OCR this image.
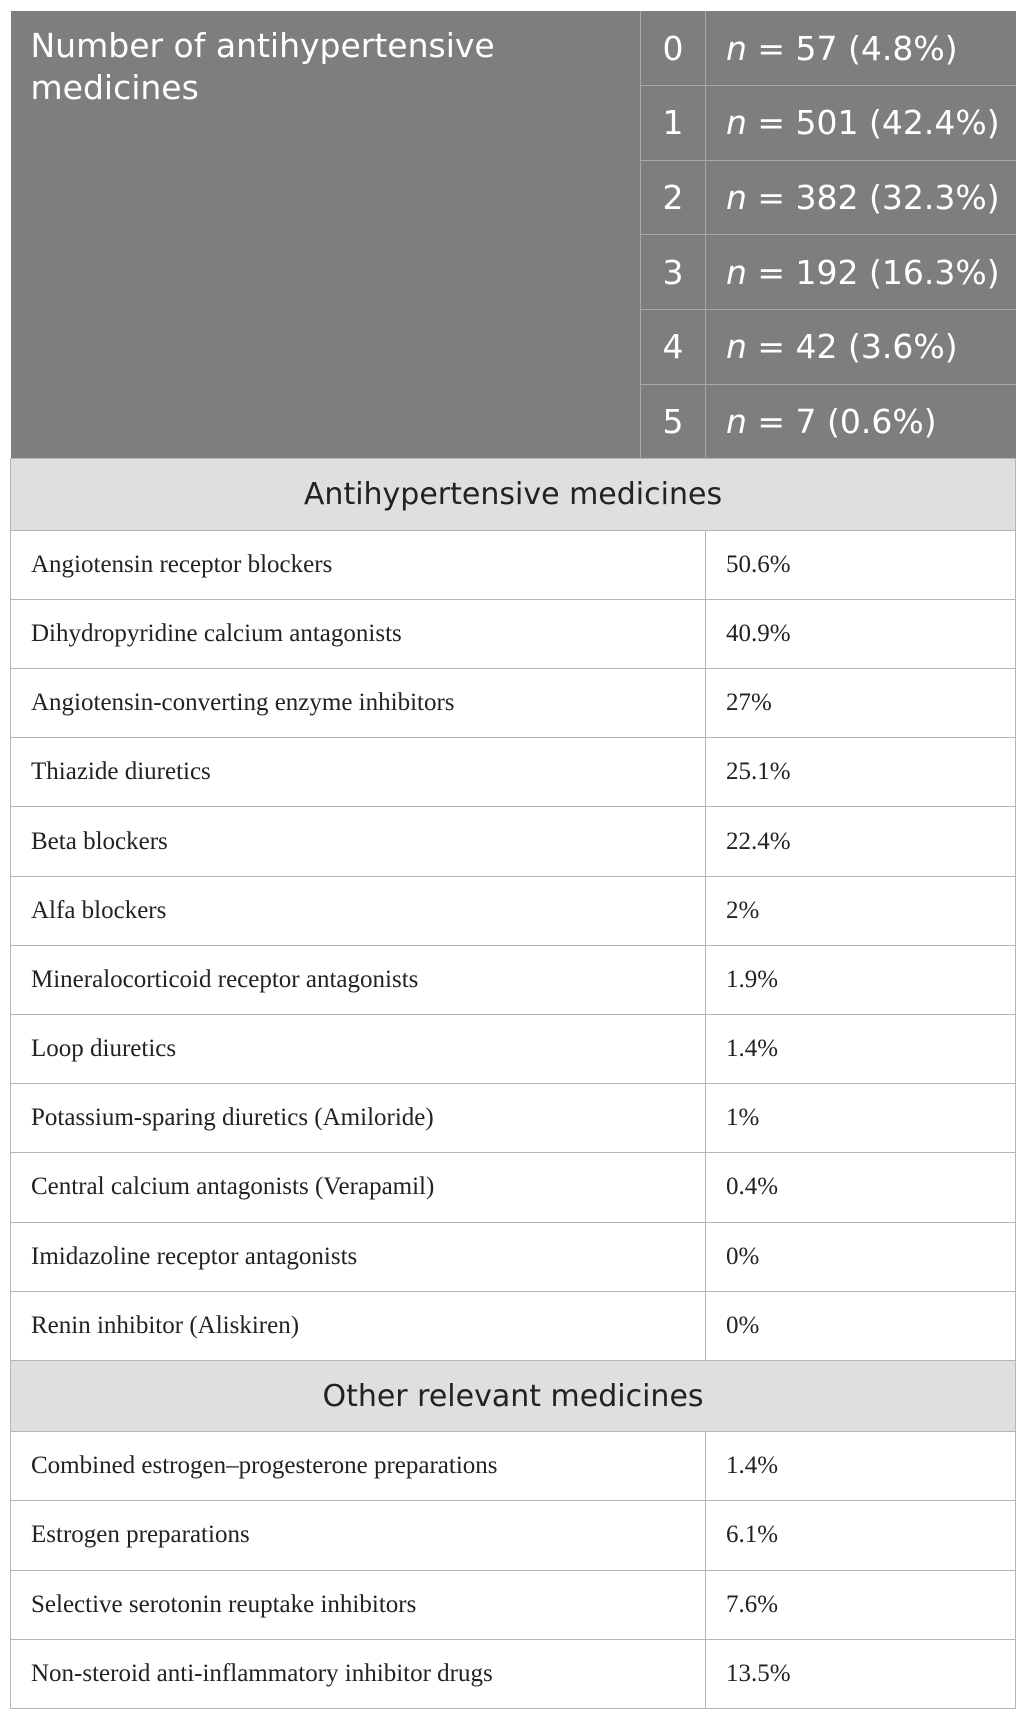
Number of antihypertensive medicines	0	n = 57 (4.8%)
	1	n = 501 (42.4%)
	2	n = 382 (32.3%)
	3	n = 192 (16.3%)
	4	n = 42 (3.6%)
	5	n = 7 (0.6%)
Antihypertensive medicines		
Angiotensin receptor blockers		50.6%
Dihydropyridine calcium antagonists		40.9%
Angiotensin-converting enzyme inhibitors		27%
Thiazide diuretics		25.1%
Beta blockers		22.4%
Alfa blockers		2%
Mineralocorticoid receptor antagonists		1.9%
Loop diuretics		1.4%
Potassium-sparing diuretics (Amiloride)		1%
Central calcium antagonists (Verapamil)		0.4%
Imidazoline receptor antagonists		0%
Renin inhibitor (Aliskiren)		0%
Other relevant medicines		
Combined estrogen–progesterone preparations		1.4%
Estrogen preparations		6.1%
Selective serotonin reuptake inhibitors		7.6%
Non-steroid anti-inflammatory inhibitor drugs		13.5%
